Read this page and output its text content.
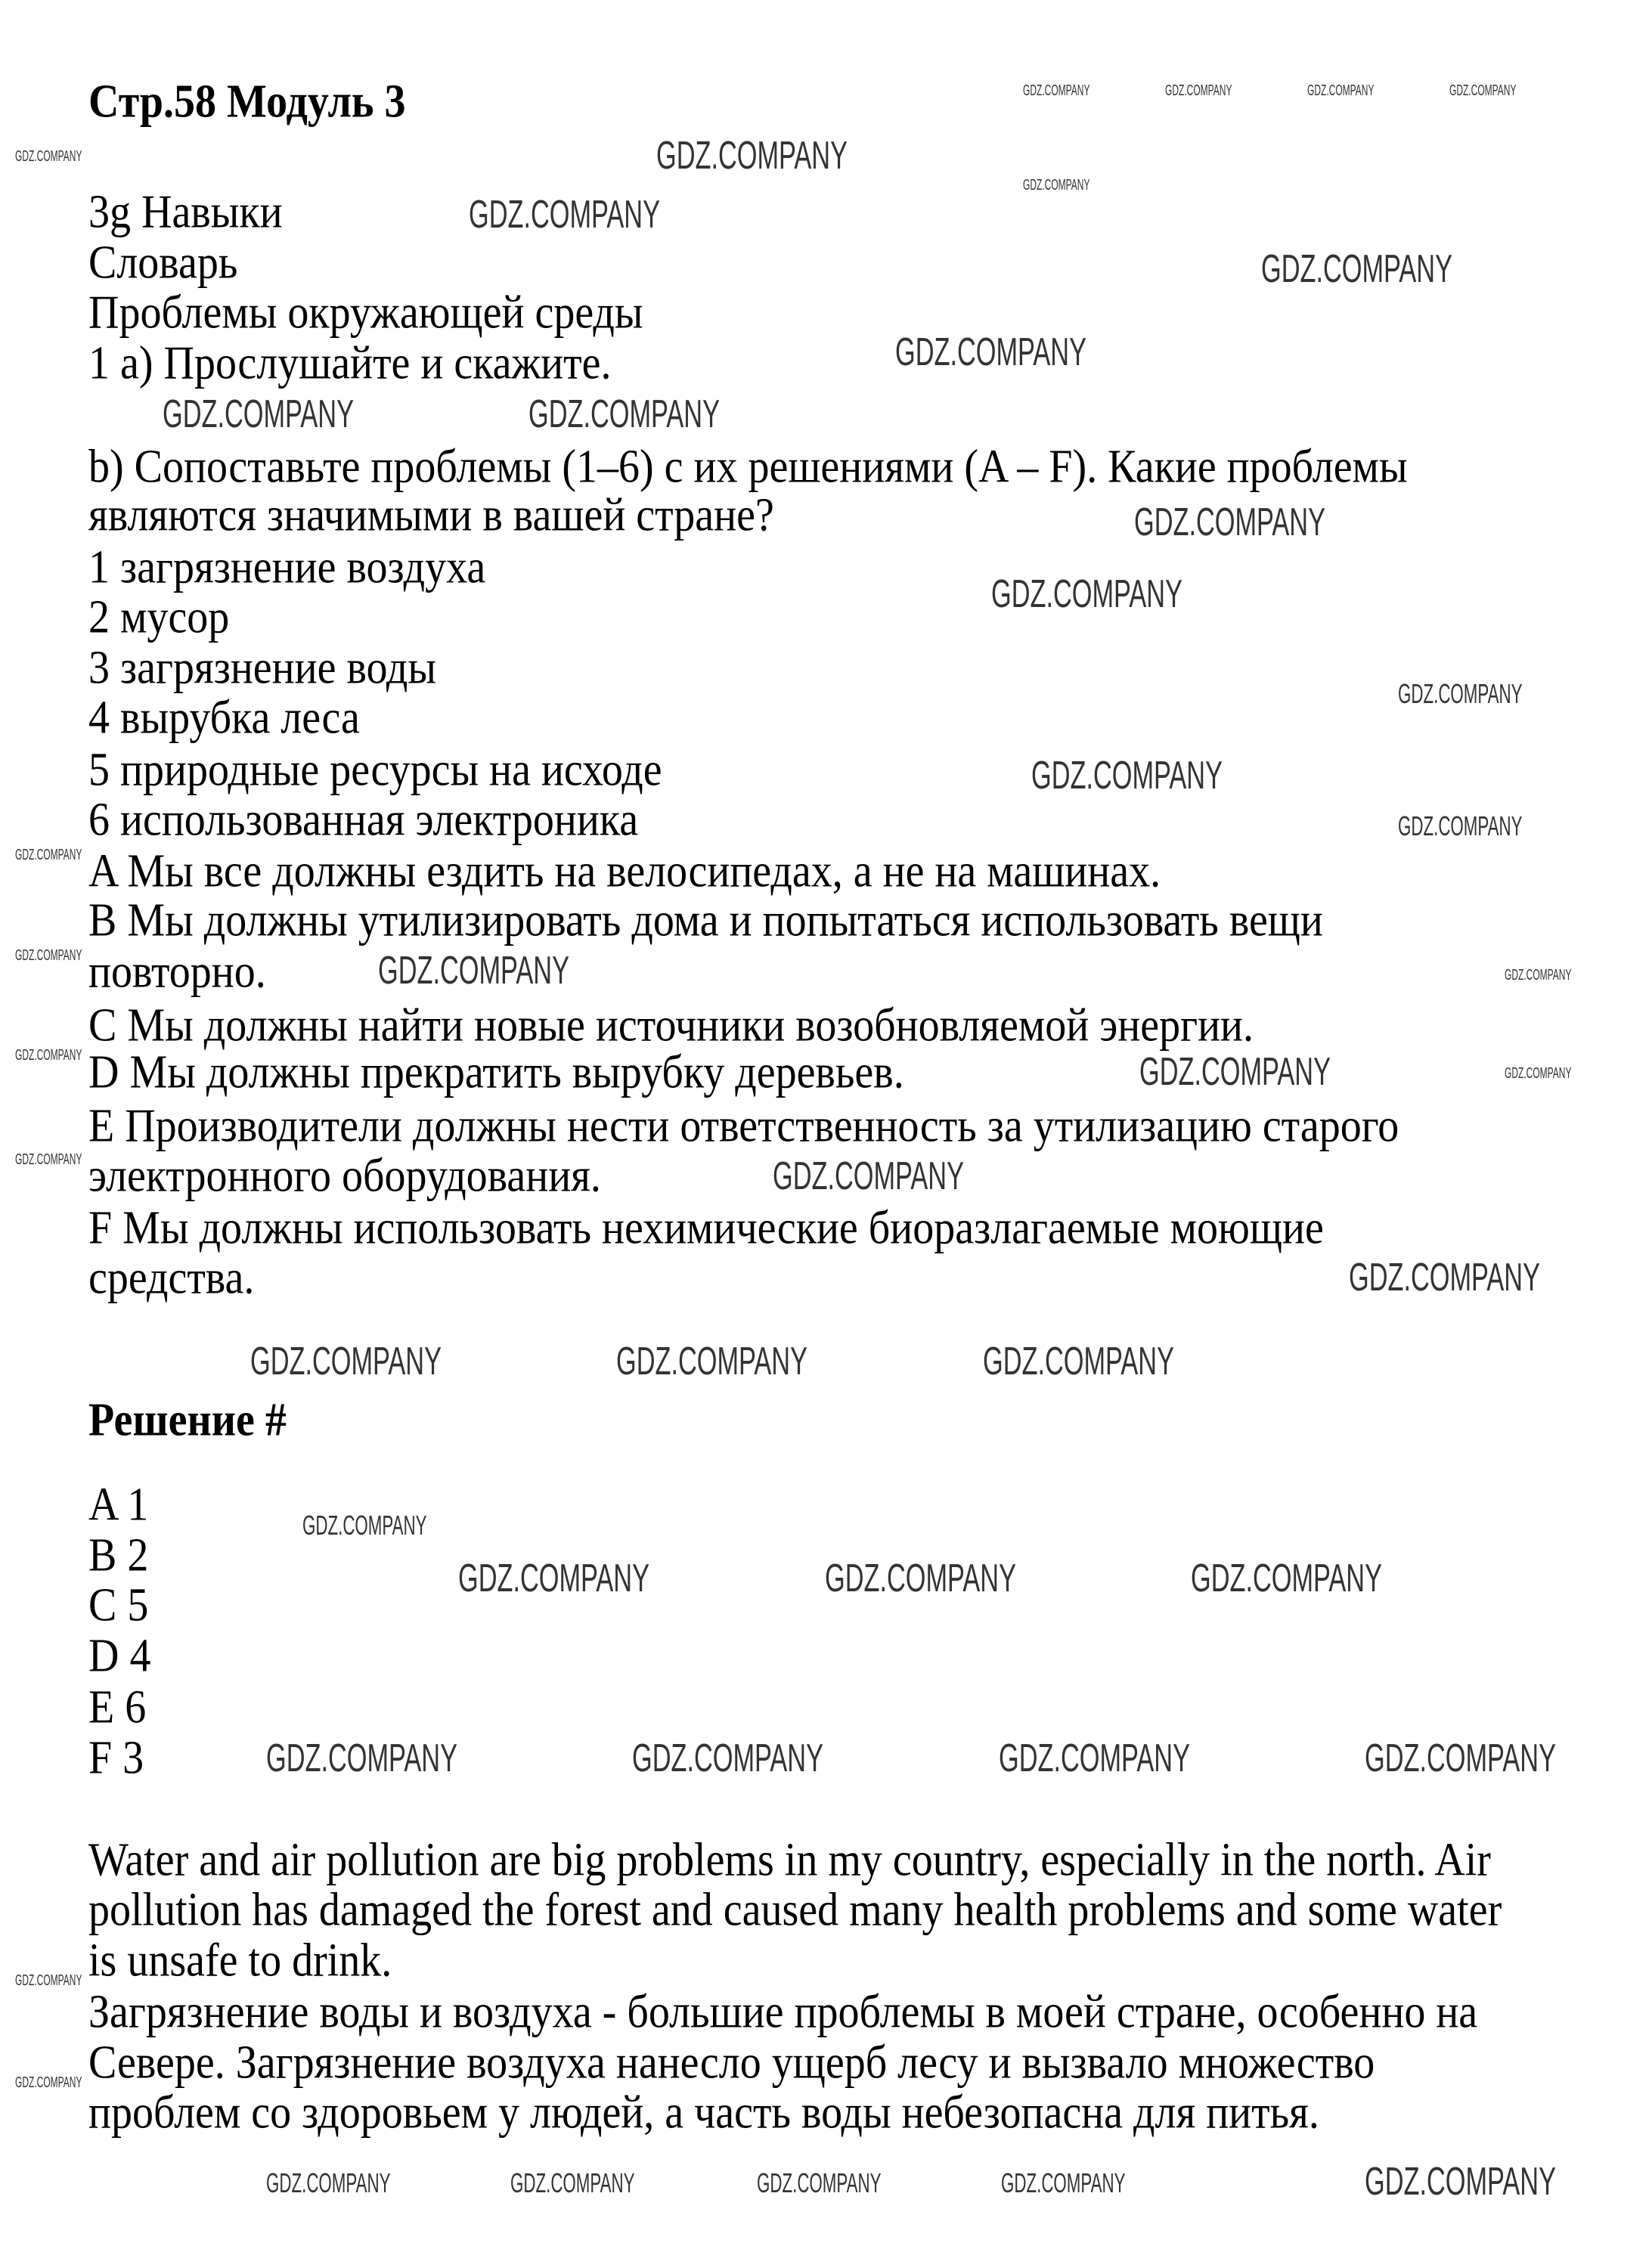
Стр.58 Модуль 3
3g Навыки
Словарь
Проблемы окружающей среды
1 a) Прослушайте и скажите.
b) Сопоставьте проблемы (1–6) с их решениями (A – F). Какие проблемы
являются значимыми в вашей стране?
1 загрязнение воздуха
2 мусор
3 загрязнение воды
4 вырубка леса
5 природные ресурсы на исходе
6 использованная электроника
A Мы все должны ездить на велосипедах, а не на машинах.
B Мы должны утилизировать дома и попытаться использовать вещи
повторно.
C Мы должны найти новые источники возобновляемой энергии.
D Мы должны прекратить вырубку деревьев.
E Производители должны нести ответственность за утилизацию старого
электронного оборудования.
F Мы должны использовать нехимические биоразлагаемые моющие
средства.
Решение #
A 1
B 2
C 5
D 4
E 6
F 3
Water and air pollution are big problems in my country, especially in the north. Air
pollution has damaged the forest and caused many health problems and some water
is unsafe to drink.
Загрязнение воды и воздуха - большие проблемы в моей стране, особенно на
Севере. Загрязнение воздуха нанесло ущерб лесу и вызвало множество
проблем со здоровьем у людей, а часть воды небезопасна для питья.
GDZ.COMPANY	GDZ.COMPANY	GDZ.COMPANY	GDZ.COMPANY
GDZ.COMPANY
GDZ.COMPANY
GDZ.COMPANY
GDZ.COMPANY
GDZ.COMPANY
GDZ.COMPANY	GDZ.COMPANY
GDZ.COMPANY
GDZ.COMPANY
GDZ.COMPANY
GDZ.COMPANY
GDZ.COMPANY
GDZ.COMPANY
GDZ.COMPANY
GDZ.COMPANY
GDZ.COMPANY
GDZ.COMPANY	GDZ.COMPANY	GDZ.COMPANY
GDZ.COMPANY	GDZ.COMPANY	GDZ.COMPANY
GDZ.COMPANY
GDZ.COMPANY	GDZ.COMPANY	GDZ.COMPANY	GDZ.COMPANY
GDZ.COMPANY	GDZ.COMPANY	GDZ.COMPANY	GDZ.COMPANY	GDZ.COMPANY
GDZ.COMPANY
GDZ.COMPANY
GDZ.COMPANY
GDZ.COMPANY
GDZ.COMPANY
GDZ.COMPANY
GDZ.COMPANY
GDZ.COMPANY
GDZ.COMPANY
